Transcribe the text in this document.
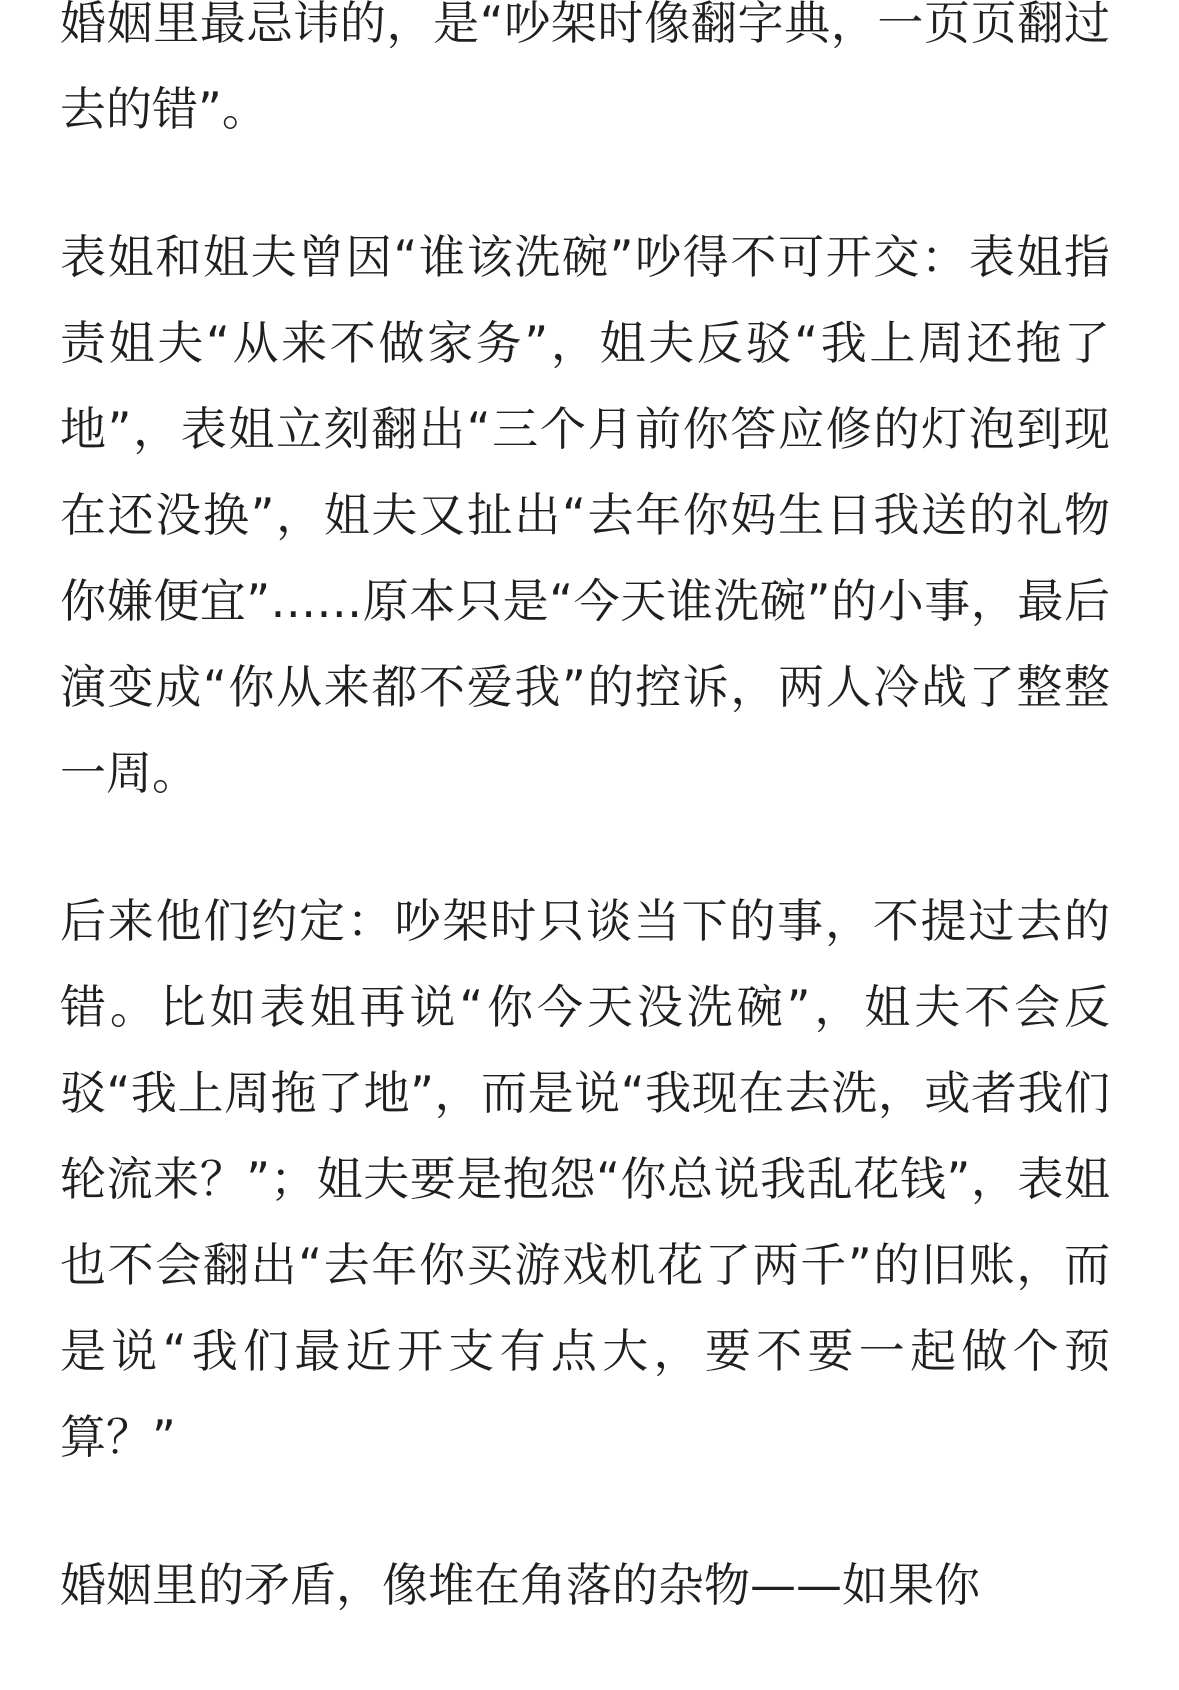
婚姻里最忌讳的，是“吵架时像翻字典，一页页翻过去的错”。

表姐和姐夫曾因“谁该洗碗”吵得不可开交：表姐指责姐夫“从来不做家务”，姐夫反驳“我上周还拖了地”，表姐立刻翻出“三个月前你答应修的灯泡到现在还没换”，姐夫又扯出“去年你妈生日我送的礼物你嫌便宜”……原本只是“今天谁洗碗”的小事，最后演变成“你从来都不爱我”的控诉，两人冷战了整整一周。

后来他们约定：吵架时只谈当下的事，不提过去的错。比如表姐再说“你今天没洗碗”，姐夫不会反驳“我上周拖了地”，而是说“我现在去洗，或者我们轮流来？”；姐夫要是抱怨“你总说我乱花钱”，表姐也不会翻出“去年你买游戏机花了两千”的旧账，而是说“我们最近开支有点大，要不要一起做个预算？”

婚姻里的矛盾，像堆在角落的杂物——如果你
